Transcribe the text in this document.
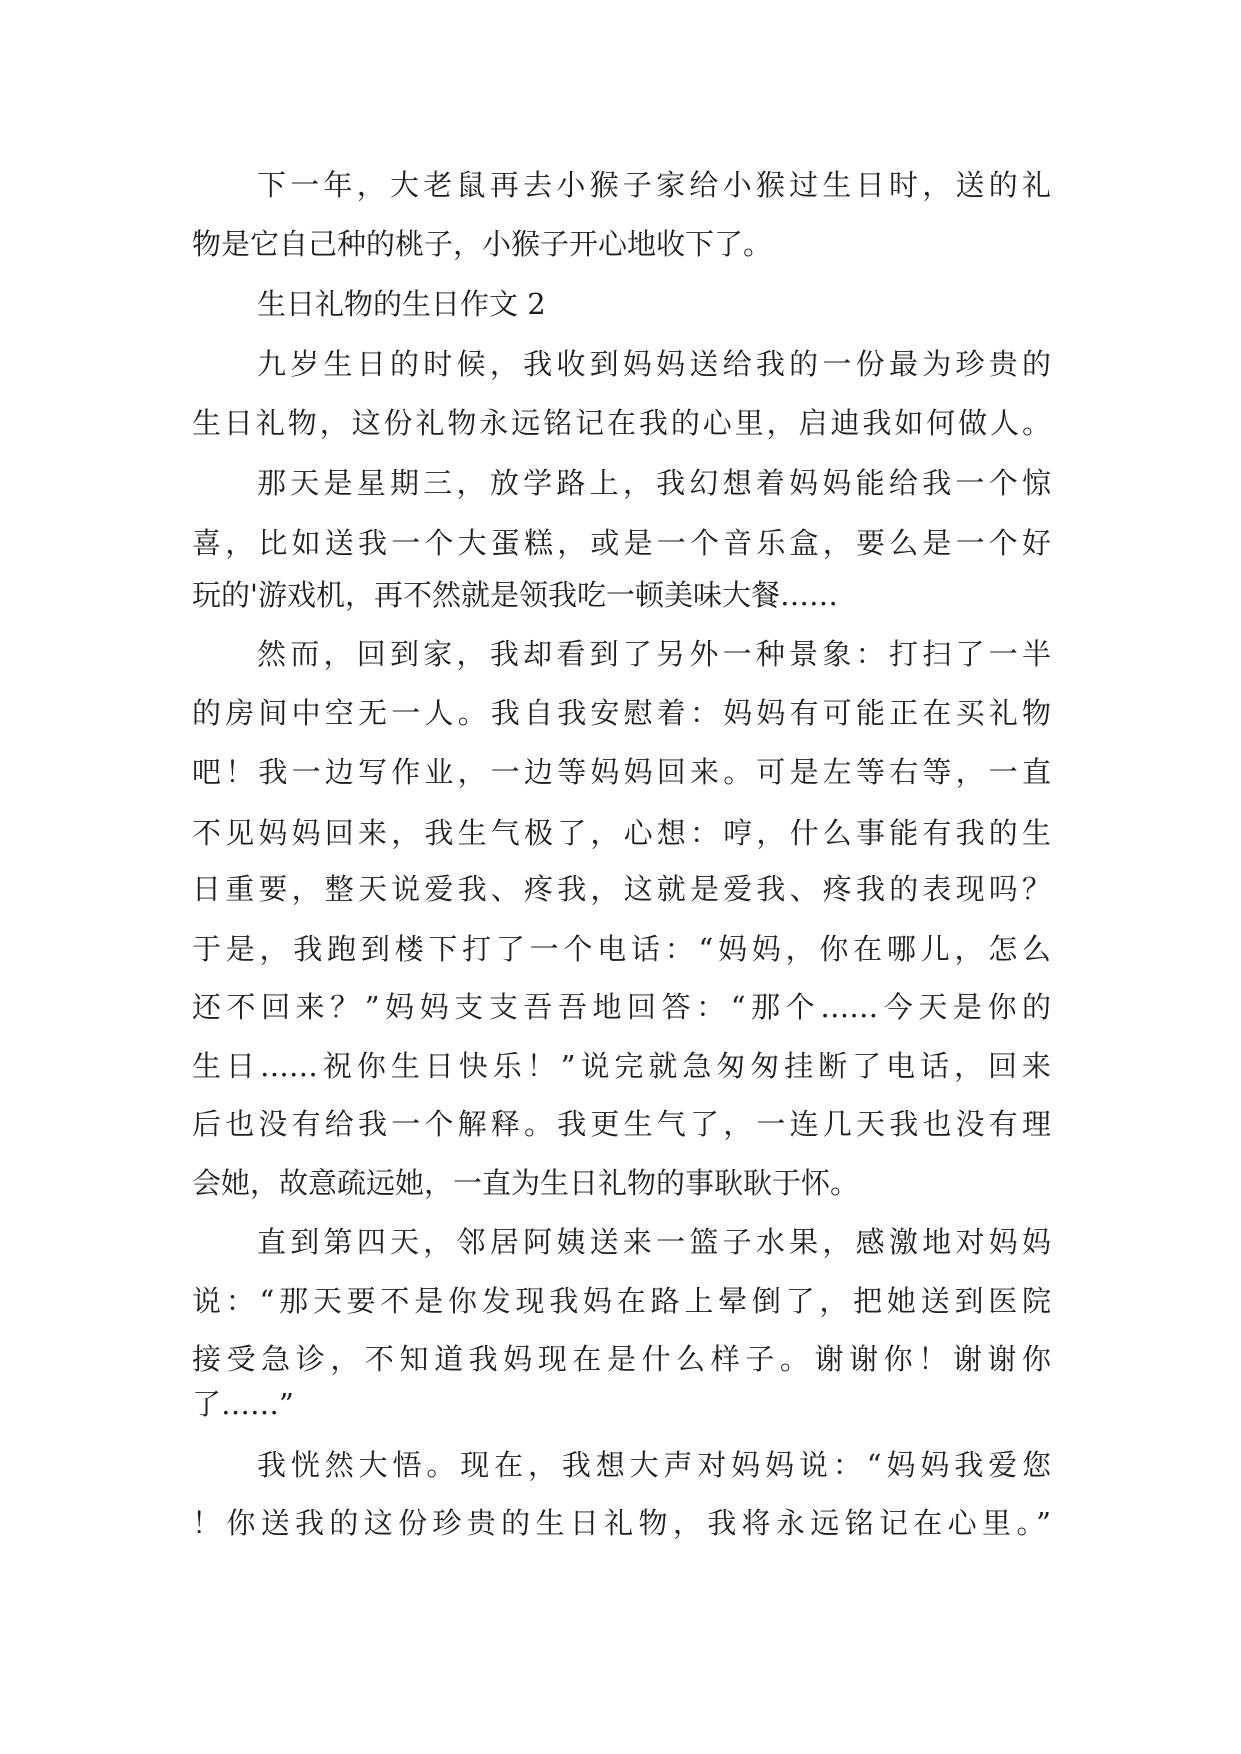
下一年，大老鼠再去小猴子家给小猴过生日时，送的礼
物是它自己种的桃子，小猴子开心地收下了。
生日礼物的生日作文 2
九岁生日的时候，我收到妈妈送给我的一份最为珍贵的
生日礼物，这份礼物永远铭记在我的心里，启迪我如何做人。
那天是星期三，放学路上，我幻想着妈妈能给我一个惊
喜，比如送我一个大蛋糕，或是一个音乐盒，要么是一个好
玩的'游戏机，再不然就是领我吃一顿美味大餐……
然而，回到家，我却看到了另外一种景象：打扫了一半
的房间中空无一人。我自我安慰着：妈妈有可能正在买礼物
吧！我一边写作业，一边等妈妈回来。可是左等右等，一直
不见妈妈回来，我生气极了，心想：哼，什么事能有我的生
日重要，整天说爱我、疼我，这就是爱我、疼我的表现吗？
于是，我跑到楼下打了一个电话：“妈妈，你在哪儿，怎么
还不回来？”妈妈支支吾吾地回答：“那个……今天是你的
生日……祝你生日快乐！”说完就急匆匆挂断了电话，回来
后也没有给我一个解释。我更生气了，一连几天我也没有理
会她，故意疏远她，一直为生日礼物的事耿耿于怀。
直到第四天，邻居阿姨送来一篮子水果，感激地对妈妈
说：“那天要不是你发现我妈在路上晕倒了，把她送到医院
接受急诊，不知道我妈现在是什么样子。谢谢你！谢谢你
了……”
我恍然大悟。现在，我想大声对妈妈说：“妈妈我爱您
！你送我的这份珍贵的生日礼物，我将永远铭记在心里。”
